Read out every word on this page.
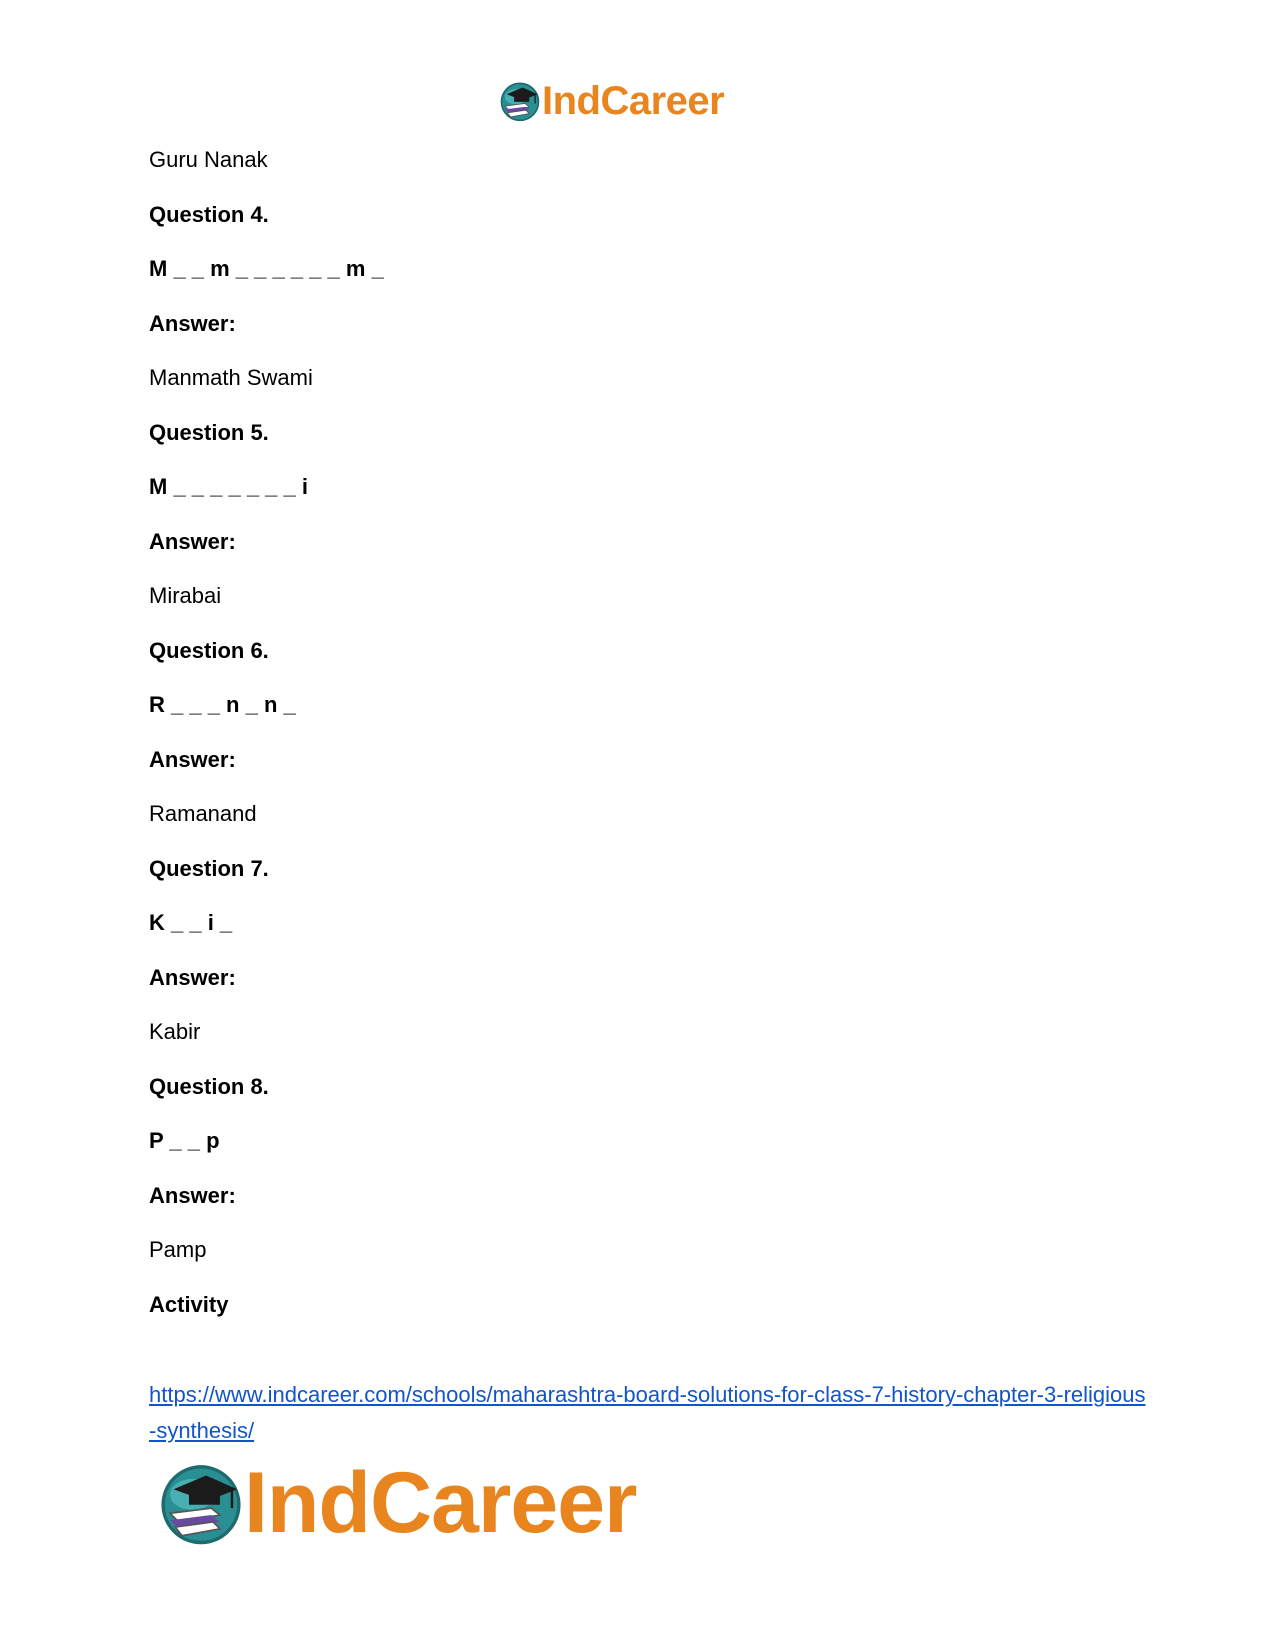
IndCareer
Guru Nanak
Question 4.
M _ _ m _ _ _ _ _ _ m _
Answer:
Manmath Swami
Question 5.
M _ _ _ _ _ _ _ i
Answer:
Mirabai
Question 6.
R _ _ _ n _ n _
Answer:
Ramanand
Question 7.
K _ _ i _
Answer:
Kabir
Question 8.
P _ _ p
Answer:
Pamp
Activity
https://www.indcareer.com/schools/maharashtra-board-solutions-for-class-7-history-chapter-3-religious-synthesis/
IndCareer
